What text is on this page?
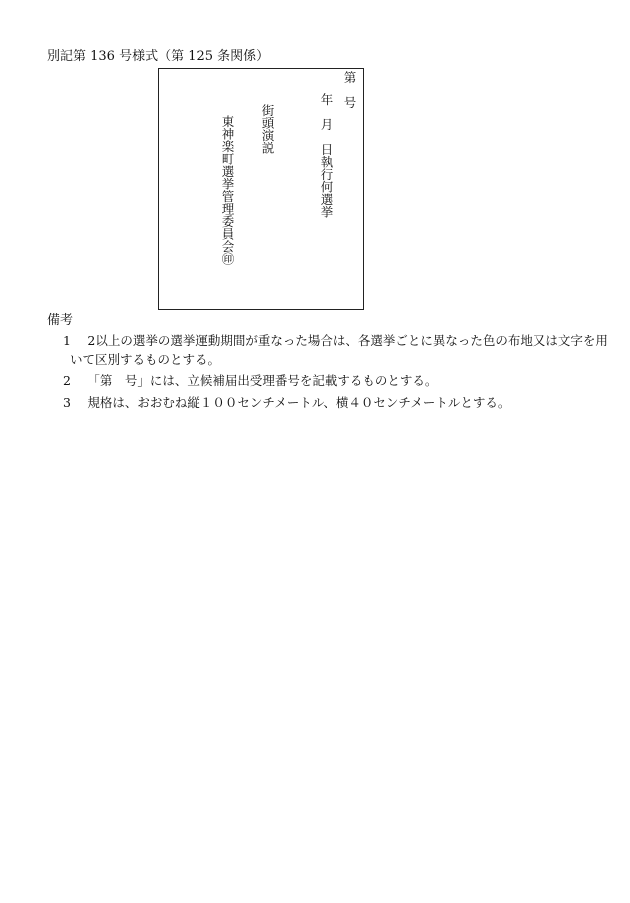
別記第 136 号様式（第 125 条関係）
第　号
年　月　日執行何選挙
街頭演説
東神楽町選挙管理委員会㊞
備考
1　 2以上の選挙の選挙運動期間が重なった場合は、各選挙ごとに異なった色の布地又は文字を用
いて区別するものとする。
2　 「第　号」には、立候補届出受理番号を記載するものとする。
3　 規格は、おおむね縦１００センチメートル、横４０センチメートルとする。
